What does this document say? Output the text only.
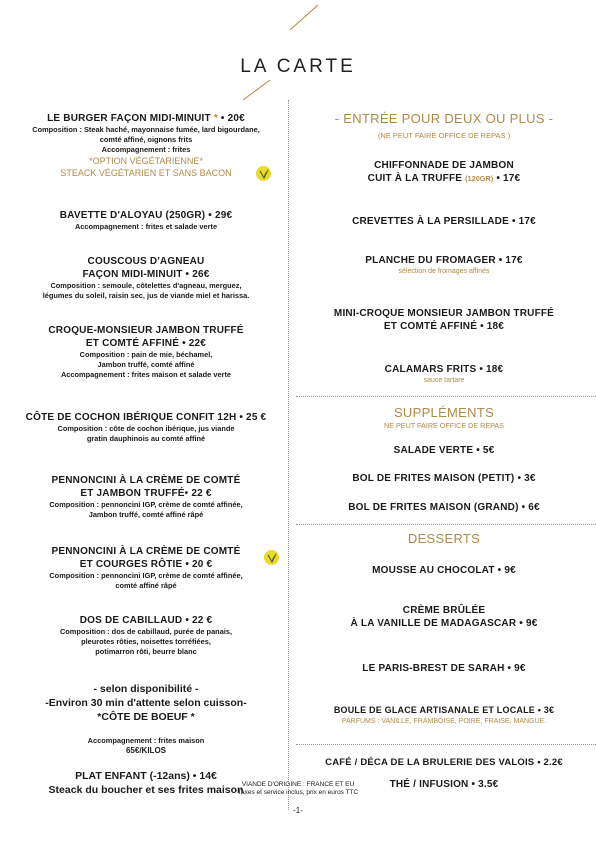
LA CARTE
LE BURGER FAÇON MIDI-MINUIT * • 20€
Composition : Steak haché, mayonnaise fumée, lard bigourdane,
comté affiné, oignons frits
Accompagnement : frites
*OPTION VÉGÉTARIENNE*
STEACK VÉGÉTARIEN ET SANS BACON
BAVETTE D'ALOYAU (250GR) • 29€
Accompagnement : frites et salade verte
COUSCOUS D'AGNEAU
FAÇON MIDI-MINUIT • 26€
Composition : semoule, côtelettes d'agneau, merguez,
légumes du soleil, raisin sec, jus de viande miel et harissa.
CROQUE-MONSIEUR JAMBON TRUFFÉ
ET COMTÉ AFFINÉ • 22€
Composition : pain de mie, béchamel,
Jambon truffé, comté affiné
Accompagnement : frites maison et salade verte
CÔTE DE COCHON IBÉRIQUE CONFIT 12H • 25 €
Composition : côte de cochon ibérique, jus viande
gratin dauphinois au comté affiné
PENNONCINI À LA CRÈME DE COMTÉ
ET JAMBON TRUFFÉ• 22 €
Composition : pennoncini IGP, crème de comté affinée,
Jambon truffé, comté affiné râpé
PENNONCINI À LA CRÈME DE COMTÉ
ET COURGES RÔTIE • 20 €
Composition : pennoncini IGP, crème de comté affinée,
comté affiné râpé
DOS DE CABILLAUD • 22 €
Composition : dos de cabillaud, purée de panais,
pleurotes rôties, noisettes torréfiées,
potimarron rôti, beurre blanc
- selon disponibilité -
-Environ 30 min d'attente selon cuisson-
*CÔTE DE BOEUF *
Accompagnement : frites maison
65€/KILOS
PLAT ENFANT (-12ans) • 14€
Steack du boucher et ses frites maison
- ENTRÉE POUR DEUX OU PLUS -
(NE PEUT FAIRE OFFICE DE REPAS )
CHIFFONNADE DE JAMBON
CUIT À LA TRUFFE (120GR) • 17€
CREVETTES À LA PERSILLADE • 17€
PLANCHE DU FROMAGER • 17€
sélection de fromages affinés
MINI-CROQUE MONSIEUR JAMBON TRUFFÉ
ET COMTÉ AFFINÉ • 18€
CALAMARS FRITS • 18€
sauce tartare
SUPPLÉMENTS
NE PEUT FAIRE OFFICE DE REPAS
SALADE VERTE • 5€
BOL DE FRITES MAISON (PETIT) • 3€
BOL DE FRITES MAISON (GRAND) • 6€
DESSERTS
MOUSSE AU CHOCOLAT • 9€
CRÈME BRÛLÉE
À LA VANILLE DE MADAGASCAR • 9€
LE PARIS-BREST DE SARAH • 9€
BOULE DE GLACE ARTISANALE ET LOCALE • 3€
PARFUMS : VANILLE, FRAMBOISE, POIRE, FRAISE, MANGUE.
CAFÉ / DÉCA DE LA BRULERIE DES VALOIS • 2.2€
THÉ / INFUSION • 3.5€
VIANDE D'ORIGINE : FRANCE ET EU
Taxes et service inclus, prix en euros TTC
-1-
